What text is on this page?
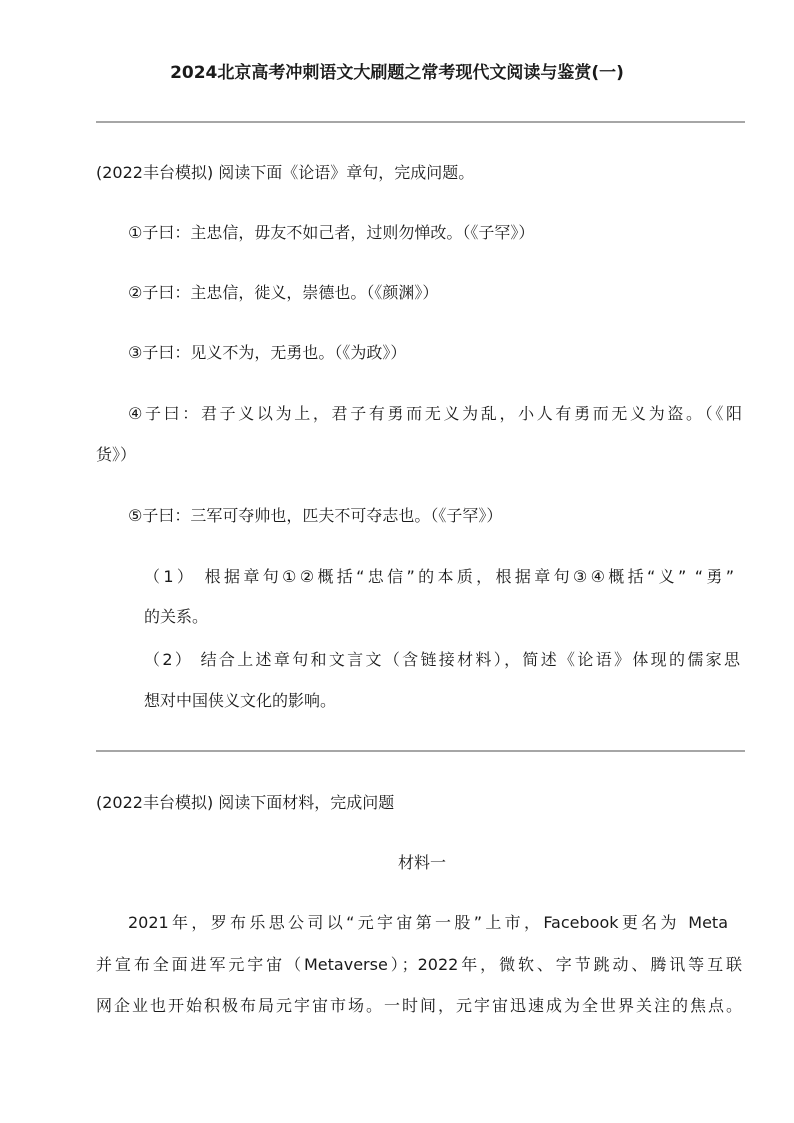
2024北京高考冲刺语文大刷题之常考现代文阅读与鉴赏(一)
(2022丰台模拟) 阅读下面《论语》章句，完成问题。
①子曰：主忠信，毋友不如己者，过则勿惮改。（《子罕》）
②子曰：主忠信，徙义，崇德也。（《颜渊》）
③子曰：见义不为，无勇也。（《为政》）
④子曰：君子义以为上，君子有勇而无义为乱，小人有勇而无义为盗。（《阳
货》）
⑤子曰：三军可夺帅也，匹夫不可夺志也。（《子罕》）
（1） 根据章句①②概括“忠信”的本质，根据章句③④概括“义” “勇”
的关系。
（2） 结合上述章句和文言文（含链接材料），简述《论语》体现的儒家思
想对中国侠义文化的影响。
(2022丰台模拟) 阅读下面材料，完成问题
材料一
2021年，罗布乐思公司以“元宇宙第一股”上市，Facebook更名为 Meta
并宣布全面进军元宇宙（Metaverse）；2022年，微软、字节跳动、腾讯等互联
网企业也开始积极布局元宇宙市场。一时间，元宇宙迅速成为全世界关注的焦点。
